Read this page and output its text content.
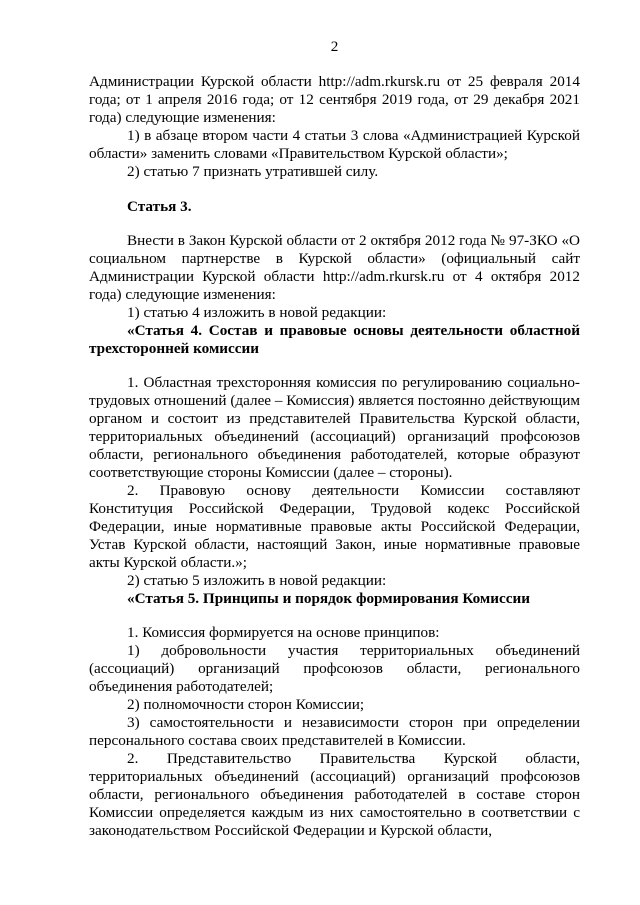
2

Администрации Курской области http://adm.rkursk.ru от 25 февраля 2014 года; от 1 апреля 2016 года; от 12 сентября 2019 года, от 29 декабря 2021 года) следующие изменения:

1) в абзаце втором части 4 статьи 3 слова «Администрацией Курской области» заменить словами «Правительством Курской области»;

2) статью 7 признать утратившей силу.

Статья 3.

Внести в Закон Курской области от 2 октября 2012 года № 97-ЗКО «О социальном партнерстве в Курской области» (официальный сайт Администрации Курской области http://adm.rkursk.ru от 4 октября 2012 года) следующие изменения:

1) статью 4 изложить в новой редакции:

«Статья 4. Состав и правовые основы деятельности областной трехсторонней комиссии

1. Областная трехсторонняя комиссия по регулированию социально-трудовых отношений (далее – Комиссия) является постоянно действующим органом и состоит из представителей Правительства Курской области, территориальных объединений (ассоциаций) организаций профсоюзов области, регионального объединения работодателей, которые образуют соответствующие стороны Комиссии (далее – стороны).

2. Правовую основу деятельности Комиссии составляют Конституция Российской Федерации, Трудовой кодекс Российской Федерации, иные нормативные правовые акты Российской Федерации, Устав Курской области, настоящий Закон, иные нормативные правовые акты Курской области.»;

2) статью 5 изложить в новой редакции:

«Статья 5. Принципы и порядок формирования Комиссии

1. Комиссия формируется на основе принципов:

1) добровольности участия территориальных объединений (ассоциаций) организаций профсоюзов области, регионального объединения работодателей;

2) полномочности сторон Комиссии;

3) самостоятельности и независимости сторон при определении персонального состава своих представителей в Комиссии.

2. Представительство Правительства Курской области, территориальных объединений (ассоциаций) организаций профсоюзов области, регионального объединения работодателей в составе сторон Комиссии определяется каждым из них самостоятельно в соответствии с законодательством Российской Федерации и Курской области,
